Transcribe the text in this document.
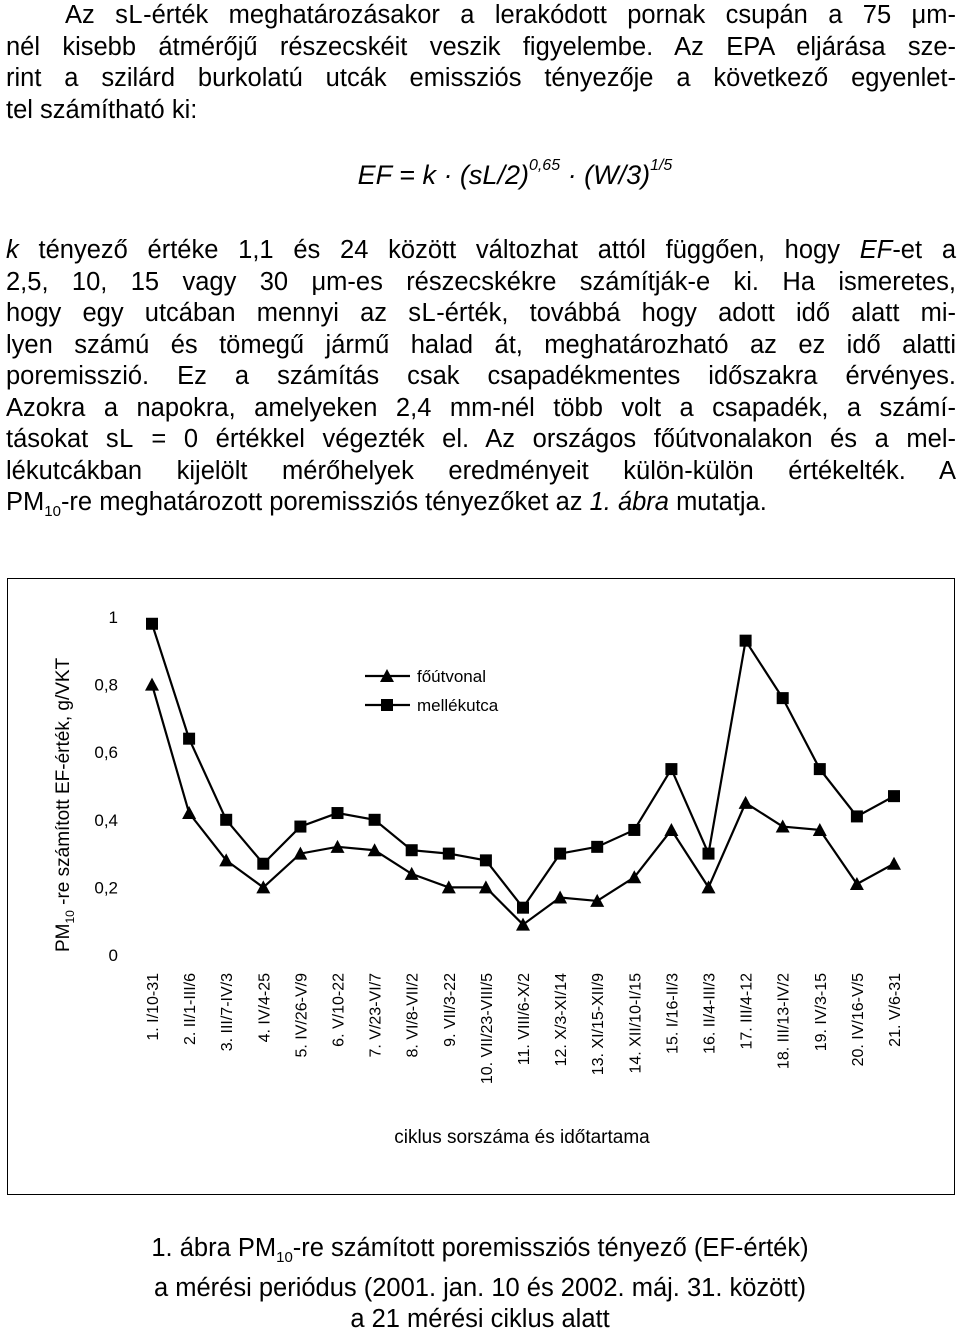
Az sL-érték meghatározásakor a lerakódott pornak csupán a 75 μm-
nél kisebb átmérőjű részecskéit veszik figyelembe. Az EPA eljárása sze-
rint a szilárd burkolatú utcák emissziós tényezője a következő egyenlet-
tel számítható ki:
EF = $k \cdot (sL/2)^{0,65} \cdot (W/3)^{1/5}$
k tényező értéke 1,1 és 24 között változhat attól függően, hogy EF-et a
2,5, 10, 15 vagy 30 μm-es részecskékre számítják-e ki. Ha ismeretes,
hogy egy utcában mennyi az sL-érték, továbbá hogy adott idő alatt mi-
lyen számú és tömegű jármű halad át, meghatározható az ez idő alatti
poremisszió. Ez a számítás csak csapadékmentes időszakra érvényes.
Azokra a napokra, amelyeken 2,4 mm-nél több volt a csapadék, a számí-
tásokat sL = 0 értékkel végezték el. Az országos főútvonalakon és a mel-
lékutcákban kijelölt mérőhelyek eredményeit külön-külön értékelték. A
$PM_{10}-re$ meghatározott poremissziós tényezőket az 1. ábra mutatja.
$PM_{10}$ -re számított EF-érték, g/VKT
ciklus sorszáma és időtartama
0
0,2
0,4
0,6
0,8
1
1. I/10-31 2. II/1-III/6 3. III/7-IV/3 4. IV/4-25 5. IV/26-V/9 6. V/10-22 7. V/23-VI/7 8. VI/8-VII/2 9. VII/3-22 10. VII/23-VIII/5 11. VIII/6-X/2 12. X/3-XI/14 13. XI/15-XII/9 14. XII/10-I/15 15. I/16-II/3 16. II/4-III/3 17. III/4-12 18. III/13-IV/2 19. IV/3-15 20. IV/16-V/5 21. V/6-31
főútvonal
mellékutca
1. ábra $PM_{10}-re$ számított poremissziós tényező (EF-érték)
a mérési periódus (2001. jan. 10 és 2002. máj. 31. között)
a 21 mérési ciklus alatt
